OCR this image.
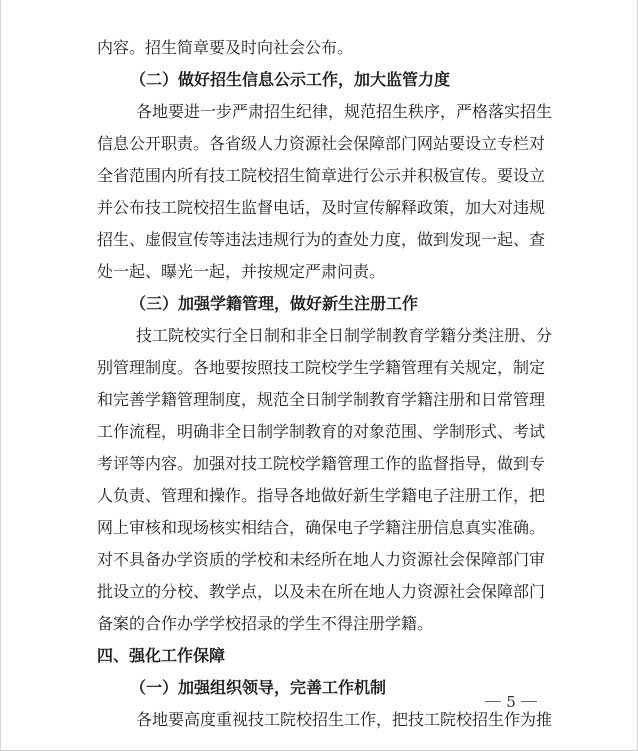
内容。招生简章要及时向社会公布。
（二）做好招生信息公示工作，加大监管力度
各地要进一步严肃招生纪律，规范招生秩序，严格落实招生
信息公开职责。各省级人力资源社会保障部门网站要设立专栏对
全省范围内所有技工院校招生简章进行公示并积极宣传。要设立
并公布技工院校招生监督电话，及时宣传解释政策，加大对违规
招生、虚假宣传等违法违规行为的查处力度，做到发现一起、查
处一起、曝光一起，并按规定严肃问责。
（三）加强学籍管理，做好新生注册工作
技工院校实行全日制和非全日制学制教育学籍分类注册、分
别管理制度。各地要按照技工院校学生学籍管理有关规定，制定
和完善学籍管理制度，规范全日制学制教育学籍注册和日常管理
工作流程，明确非全日制学制教育的对象范围、学制形式、考试
考评等内容。加强对技工院校学籍管理工作的监督指导，做到专
人负责、管理和操作。指导各地做好新生学籍电子注册工作，把
网上审核和现场核实相结合，确保电子学籍注册信息真实准确。
对不具备办学资质的学校和未经所在地人力资源社会保障部门审
批设立的分校、教学点，以及未在所在地人力资源社会保障部门
备案的合作办学学校招录的学生不得注册学籍。
四、强化工作保障
（一）加强组织领导，完善工作机制
各地要高度重视技工院校招生工作，把技工院校招生作为推
5
